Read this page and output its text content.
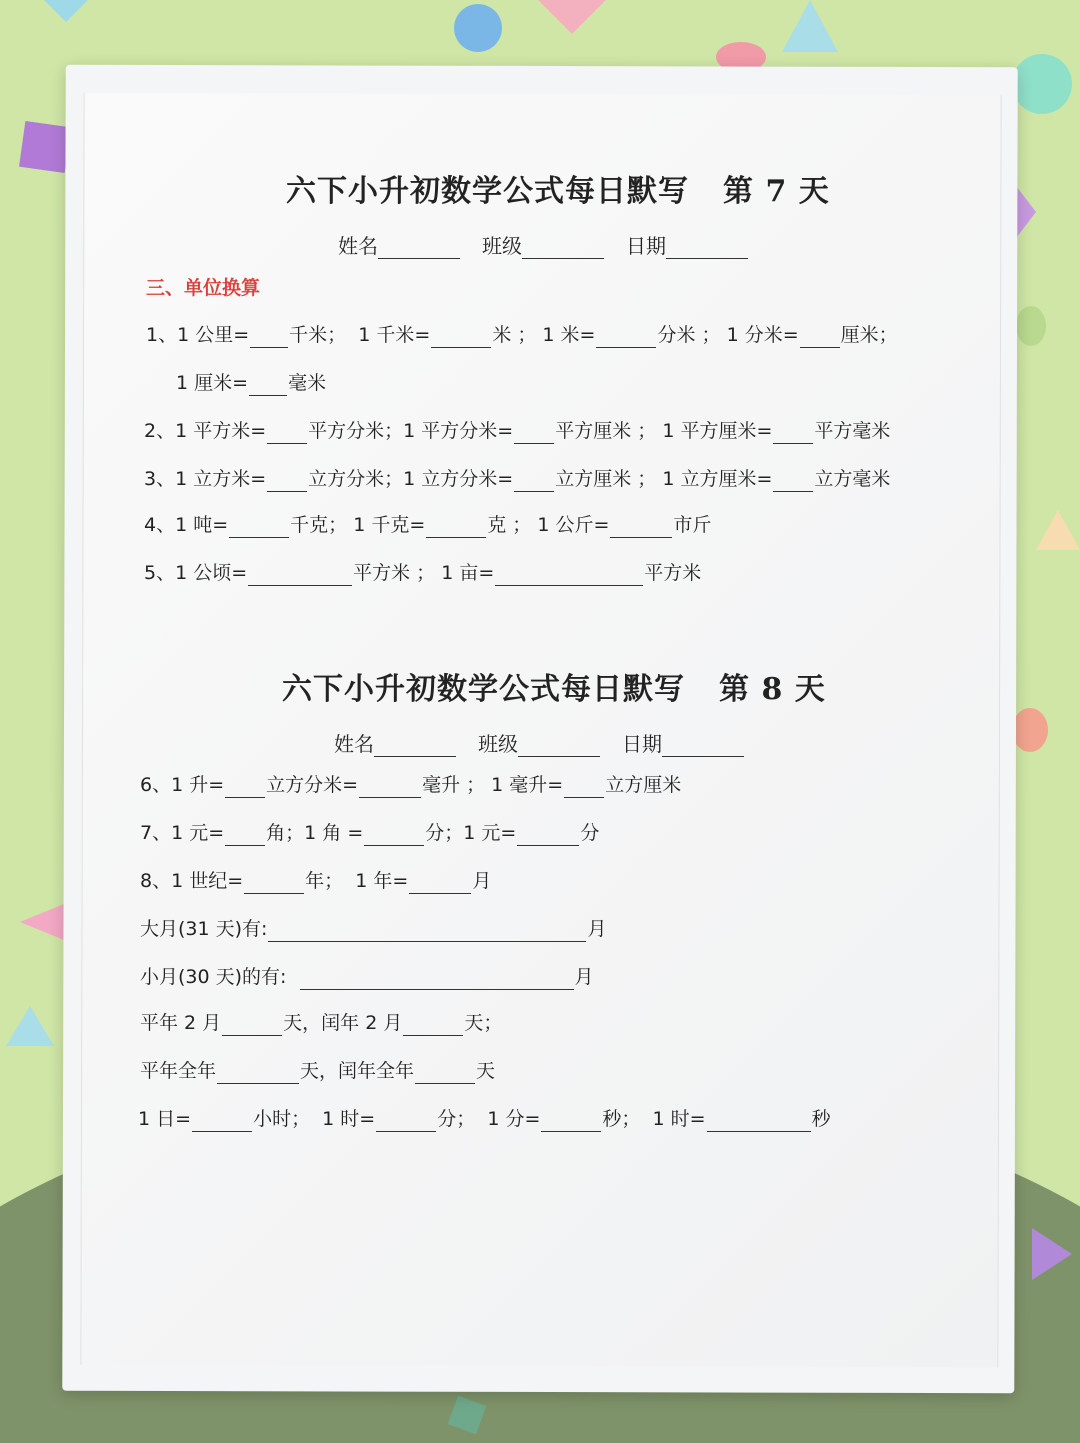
六下小升初数学公式每日默写 第 7 天
姓名	班级	日期
三、单位换算
1、1 公里= 千米； 1 千米=	米 ； 1 米=	分米 ； 1 分米= 厘米；
1 厘米= 毫米
2、1 平方米= 平方分米；1 平方分米= 平方厘米 ； 1 平方厘米= 平方毫米
3、1 立方米= 立方分米；1 立方分米= 立方厘米 ； 1 立方厘米= 立方毫米
4、1 吨=	千克； 1 千克=	克 ； 1 公斤=	市斤
5、1 公顷=	平方米 ； 1 亩=	平方米
六下小升初数学公式每日默写 第 8 天
姓名	班级	日期
6、1 升= 立方分米=	毫升 ； 1 毫升= 立方厘米
7、1 元= 角；1 角 =	分；1 元=	分
8、1 世纪=	年； 1 年=	月
大月(31 天)有:	月
小月(30 天)的有:	月
平年 2 月	天，闰年 2 月	天；
平年全年	天，闰年全年	天
1 日=	小时； 1 时=	分； 1 分=	秒； 1 时=	秒
